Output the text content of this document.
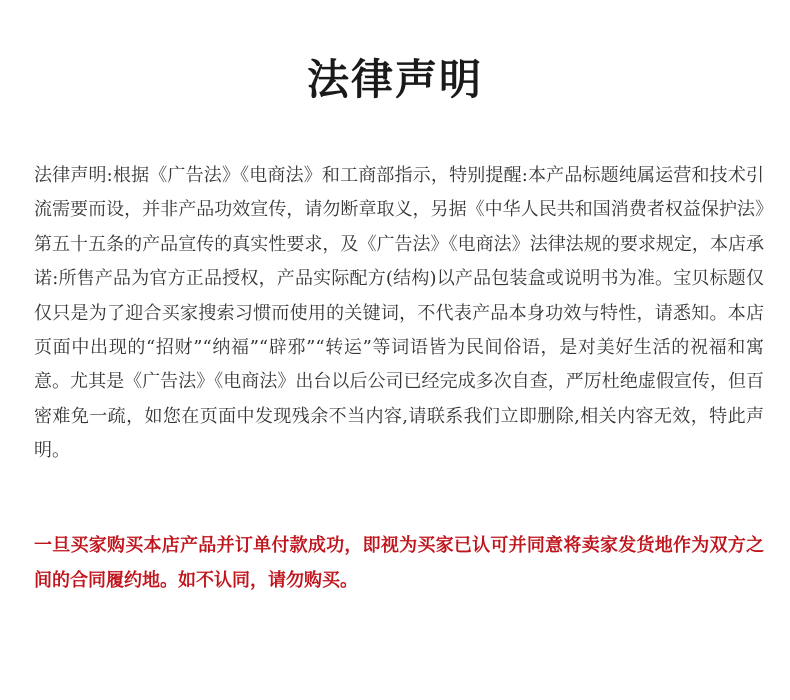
法律声明

法律声明:根据《广告法》《电商法》和工商部指示，特别提醒:本产品标题纯属运营和技术引流需要而设，并非产品功效宣传，请勿断章取义，另据《中华人民共和国消费者权益保护法》第五十五条的产品宣传的真实性要求，及《广告法》《电商法》法律法规的要求规定，本店承诺:所售产品为官方正品授权，产品实际配方(结构)以产品包装盒或说明书为准。宝贝标题仅仅只是为了迎合买家搜索习惯而使用的关键词，不代表产品本身功效与特性，请悉知。本店页面中出现的“招财”“纳福”“辟邪”“转运”等词语皆为民间俗语，是对美好生活的祝福和寓意。尤其是《广告法》《电商法》出台以后公司已经完成多次自查，严厉杜绝虚假宣传，但百密难免一疏，如您在页面中发现残余不当内容,请联系我们立即删除,相关内容无效，特此声明。

一旦买家购买本店产品并订单付款成功，即视为买家已认可并同意将卖家发货地作为双方之间的合同履约地。如不认同，请勿购买。
